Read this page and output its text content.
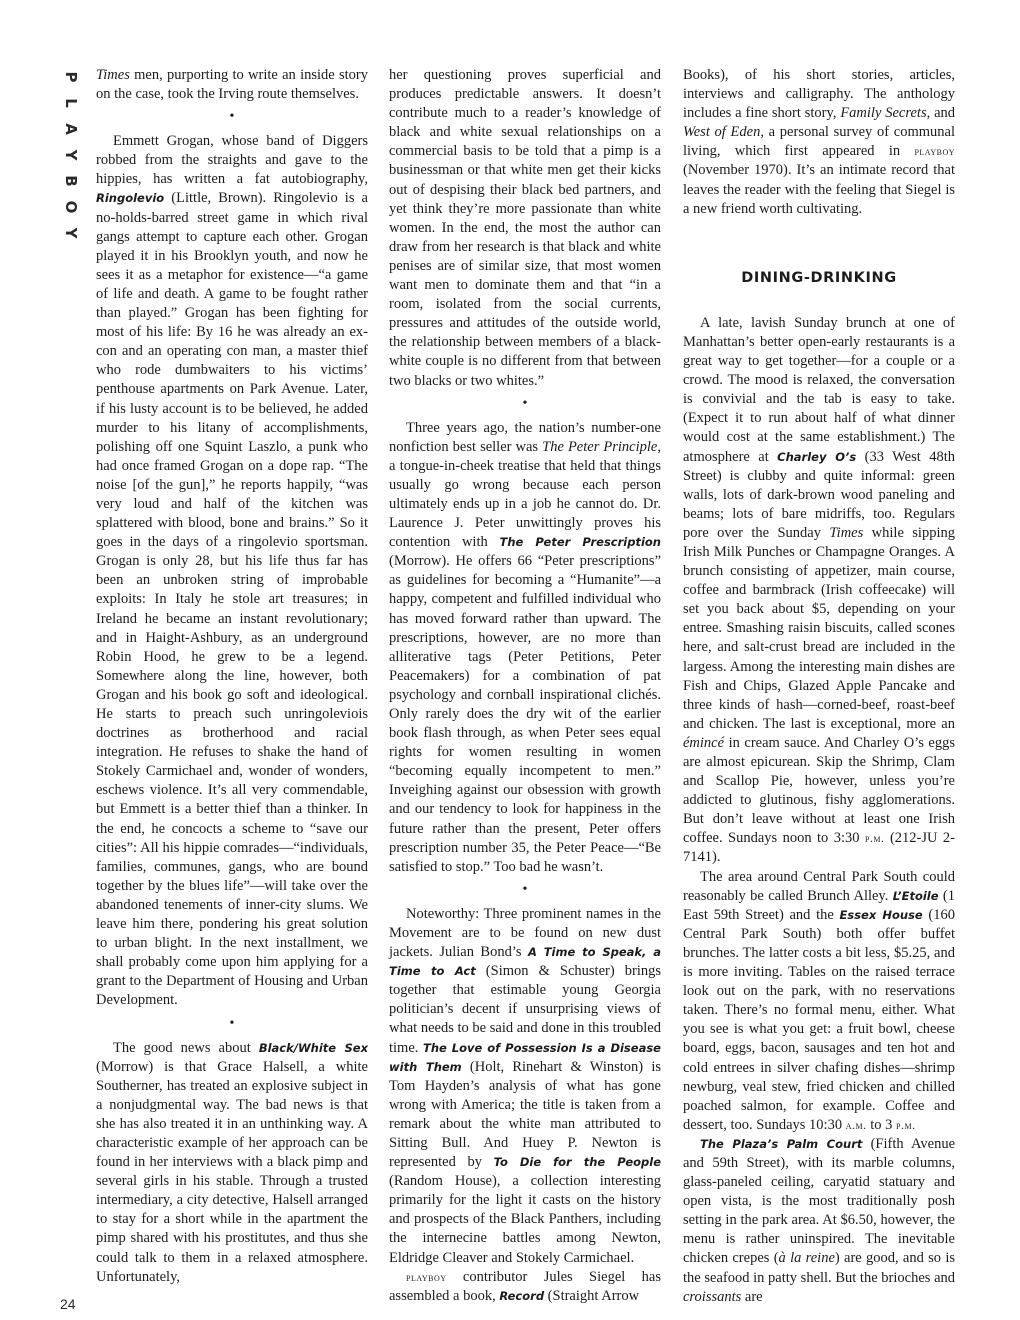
P
L
A
Y
B
O
Y
24

Times men, purporting to write an inside story on the case, took the Irving route themselves.

•

Emmett Grogan, whose band of Diggers robbed from the straights and gave to the hippies, has written a fat autobiography, Ringolevio (Little, Brown). Ringolevio is a no-holds-barred street game in which rival gangs attempt to capture each other. Grogan played it in his Brooklyn youth, and now he sees it as a metaphor for existence—“a game of life and death. A game to be fought rather than played.” Grogan has been fighting for most of his life: By 16 he was already an ex-con and an operating con man, a master thief who rode dumbwaiters to his victims’ penthouse apartments on Park Avenue. Later, if his lusty account is to be believed, he added murder to his litany of accomplishments, polishing off one Squint Laszlo, a punk who had once framed Grogan on a dope rap. “The noise [of the gun],” he reports happily, “was very loud and half of the kitchen was splattered with blood, bone and brains.” So it goes in the days of a ringolevio sportsman. Grogan is only 28, but his life thus far has been an unbroken string of improbable exploits: In Italy he stole art treasures; in Ireland he became an instant revolutionary; and in Haight-Ashbury, as an underground Robin Hood, he grew to be a legend. Somewhere along the line, however, both Grogan and his book go soft and ideological. He starts to preach such unringoleviois doctrines as brotherhood and racial integration. He refuses to shake the hand of Stokely Carmichael and, wonder of wonders, eschews violence. It’s all very commendable, but Emmett is a better thief than a thinker. In the end, he concocts a scheme to “save our cities”: All his hippie comrades—“individuals, families, communes, gangs, who are bound together by the blues life”—will take over the abandoned tenements of inner-city slums. We leave him there, pondering his great solution to urban blight. In the next installment, we shall probably come upon him applying for a grant to the Department of Housing and Urban Development.

•

The good news about Black/White Sex (Morrow) is that Grace Halsell, a white Southerner, has treated an explosive subject in a nonjudgmental way. The bad news is that she has also treated it in an unthinking way. A characteristic example of her approach can be found in her interviews with a black pimp and several girls in his stable. Through a trusted intermediary, a city detective, Halsell arranged to stay for a short while in the apartment the pimp shared with his prostitutes, and thus she could talk to them in a relaxed atmosphere. Unfortunately,

her questioning proves superficial and produces predictable answers. It doesn’t contribute much to a reader’s knowledge of black and white sexual relationships on a commercial basis to be told that a pimp is a businessman or that white men get their kicks out of despising their black bed partners, and yet think they’re more passionate than white women. In the end, the most the author can draw from her research is that black and white penises are of similar size, that most women want men to dominate them and that “in a room, isolated from the social currents, pressures and attitudes of the outside world, the relationship between members of a black-white couple is no different from that between two blacks or two whites.”

•

Three years ago, the nation’s number-one nonfiction best seller was The Peter Principle, a tongue-in-cheek treatise that held that things usually go wrong because each person ultimately ends up in a job he cannot do. Dr. Laurence J. Peter unwittingly proves his contention with The Peter Prescription (Morrow). He offers 66 “Peter prescriptions” as guidelines for becoming a “Humanite”—a happy, competent and fulfilled individual who has moved forward rather than upward. The prescriptions, however, are no more than alliterative tags (Peter Petitions, Peter Peacemakers) for a combination of pat psychology and cornball inspirational clichés. Only rarely does the dry wit of the earlier book flash through, as when Peter sees equal rights for women resulting in women “becoming equally incompetent to men.” Inveighing against our obsession with growth and our tendency to look for happiness in the future rather than the present, Peter offers prescription number 35, the Peter Peace—“Be satisfied to stop.” Too bad he wasn’t.

•

Noteworthy: Three prominent names in the Movement are to be found on new dust jackets. Julian Bond’s A Time to Speak, a Time to Act (Simon & Schuster) brings together that estimable young Georgia politician’s decent if unsurprising views of what needs to be said and done in this troubled time. The Love of Possession Is a Disease with Them (Holt, Rinehart & Winston) is Tom Hayden’s analysis of what has gone wrong with America; the title is taken from a remark about the white man attributed to Sitting Bull. And Huey P. Newton is represented by To Die for the People (Random House), a collection interesting primarily for the light it casts on the history and prospects of the Black Panthers, including the internecine battles among Newton, Eldridge Cleaver and Stokely Carmichael.

playboy contributor Jules Siegel has assembled a book, Record (Straight Arrow

Books), of his short stories, articles, interviews and calligraphy. The anthology includes a fine short story, Family Secrets, and West of Eden, a personal survey of communal living, which first appeared in playboy (November 1970). It’s an intimate record that leaves the reader with the feeling that Siegel is a new friend worth cultivating.

DINING-DRINKING

A late, lavish Sunday brunch at one of Manhattan’s better open-early restaurants is a great way to get together—for a couple or a crowd. The mood is relaxed, the conversation is convivial and the tab is easy to take. (Expect it to run about half of what dinner would cost at the same establishment.) The atmosphere at Charley O’s (33 West 48th Street) is clubby and quite informal: green walls, lots of dark-brown wood paneling and beams; lots of bare midriffs, too. Regulars pore over the Sunday Times while sipping Irish Milk Punches or Champagne Oranges. A brunch consisting of appetizer, main course, coffee and barmbrack (Irish coffeecake) will set you back about $5, depending on your entree. Smashing raisin biscuits, called scones here, and salt-crust bread are included in the largess. Among the interesting main dishes are Fish and Chips, Glazed Apple Pancake and three kinds of hash—corned-beef, roast-beef and chicken. The last is exceptional, more an émincé in cream sauce. And Charley O’s eggs are almost epicurean. Skip the Shrimp, Clam and Scallop Pie, however, unless you’re addicted to glutinous, fishy agglomerations. But don’t leave without at least one Irish coffee. Sundays noon to 3:30 p.m. (212-JU 2-7141).

The area around Central Park South could reasonably be called Brunch Alley. L’Etoile (1 East 59th Street) and the Essex House (160 Central Park South) both offer buffet brunches. The latter costs a bit less, $5.25, and is more inviting. Tables on the raised terrace look out on the park, with no reservations taken. There’s no formal menu, either. What you see is what you get: a fruit bowl, cheese board, eggs, bacon, sausages and ten hot and cold entrees in silver chafing dishes—shrimp newburg, veal stew, fried chicken and chilled poached salmon, for example. Coffee and dessert, too. Sundays 10:30 a.m. to 3 p.m.

The Plaza’s Palm Court (Fifth Avenue and 59th Street), with its marble columns, glass-paneled ceiling, caryatid statuary and open vista, is the most traditionally posh setting in the park area. At $6.50, however, the menu is rather uninspired. The inevitable chicken crepes (à la reine) are good, and so is the seafood in patty shell. But the brioches and croissants are
